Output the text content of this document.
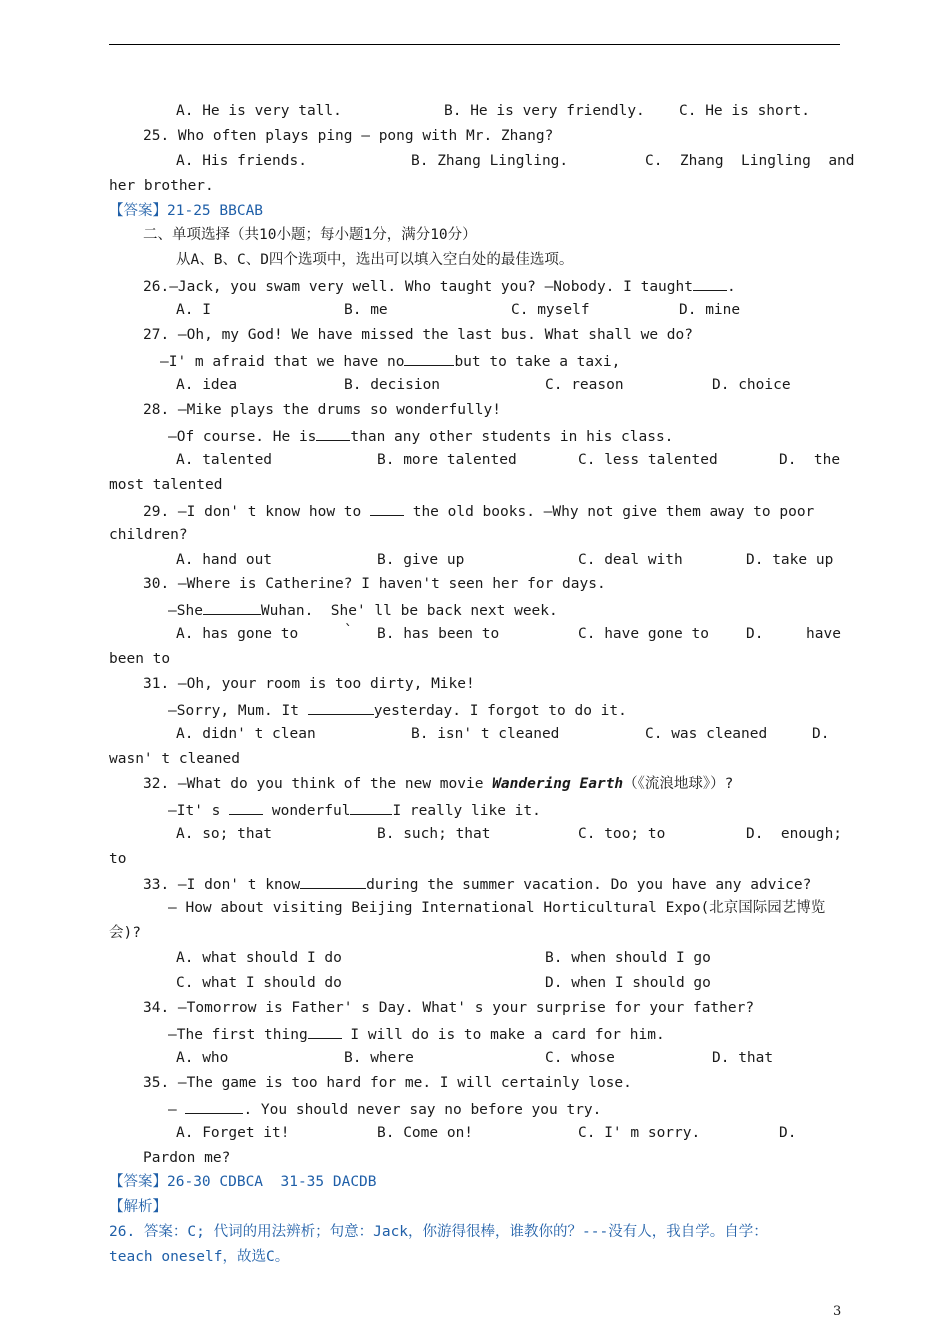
A. He is very tall.	B. He is very friendly. C. He is short.
25. Who often plays ping – pong with Mr. Zhang?
A. His friends.	B. Zhang Lingling.	C.  Zhang  Lingling  and
her brother.
【答案】21-25 BBCAB
二、单项选择（共10小题；每小题1分，满分10分）
从A、B、C、D四个选项中，选出可以填入空白处的最佳选项。
26.—Jack, you swam very well. Who taught you? —Nobody. I taught .
A. I	B. me	C. myself	D. mine
27. —Oh, my God! We have missed the last bus. What shall we do?
—I' m afraid that we have no	but to take a taxi,
A. idea	B. decision	C. reason	D. choice
28. —Mike plays the drums so wonderfully!
—Of course. He is than any other students in his class.
A. talented	B. more talented	C. less talented	D.  the
most talented
29. —I don' t know how to	the old books. —Why not give them away to poor
children?
A. hand out	B. give up	C. deal with	D. take up
30. —Where is Catherine? I haven't seen her for days.
—She	Wuhan.  She' ll be back next week.
A. has gone to	` B. has been to	C. have gone to	D.	have
been to
31. —Oh, your room is too dirty, Mike!
—Sorry, Mum. It	yesterday. I forgot to do it.
A. didn' t clean	B. isn' t cleaned	C. was cleaned	D.
wasn' t cleaned
32. —What do you think of the new movie Wandering Earth（《流浪地球》）?
—It' s	wonderful	I really like it.
A. so; that	B. such; that	C. too; to	D.  enough;
to
33. —I don' t know	during the summer vacation. Do you have any advice?
— How about visiting Beijing International Horticultural Expo(北京国际园艺博览
会)?
A. what should I do	B. when should I go
C. what I should do	D. when I should go
34. —Tomorrow is Father' s Day. What' s your surprise for your father?
—The first thing I will do is to make a card for him.
A. who	B. where	C. whose	D. that
35. —The game is too hard for me. I will certainly lose.
—	. You should never say no before you try.
A. Forget it!	B. Come on!	C. I' m sorry.	D.
Pardon me?
【答案】26-30 CDBCA  31-35 DACDB
【解析】
26. 答案：C; 代词的用法辨析；句意：Jack，你游得很棒，谁教你的？---没有人，我自学。自学：
teach oneself，故选C。
3
